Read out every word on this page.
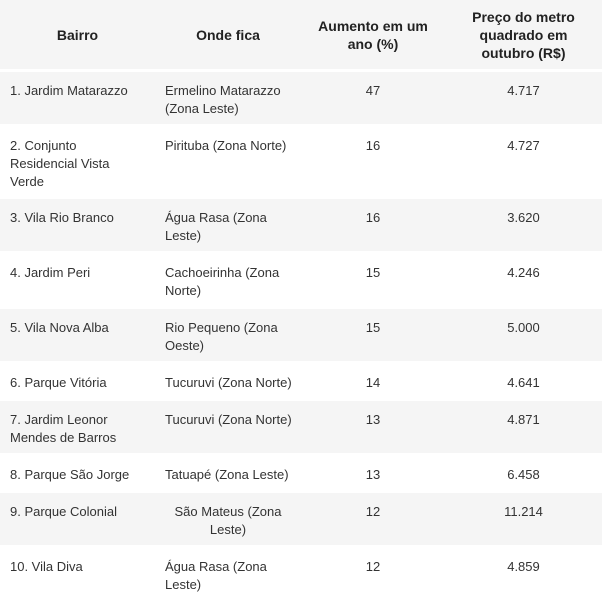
Bairro	Onde fica	Aumento em um ano (%)	Preço do metro quadrado em outubro (R$)
1. Jardim Matarazzo	Ermelino Matarazzo (Zona Leste)	47	4.717
2. Conjunto Residencial Vista Verde	Pirituba (Zona Norte)	16	4.727
3. Vila Rio Branco	Água Rasa (Zona Leste)	16	3.620
4. Jardim Peri	Cachoeirinha (Zona Norte)	15	4.246
5. Vila Nova Alba	Rio Pequeno (Zona Oeste)	15	5.000
6. Parque Vitória	Tucuruvi (Zona Norte)	14	4.641
7. Jardim Leonor Mendes de Barros	Tucuruvi (Zona Norte)	13	4.871
8. Parque São Jorge	Tatuapé (Zona Leste)	13	6.458
9. Parque Colonial	São Mateus (Zona Leste)	12	11.214
10. Vila Diva	Água Rasa (Zona Leste)	12	4.859
